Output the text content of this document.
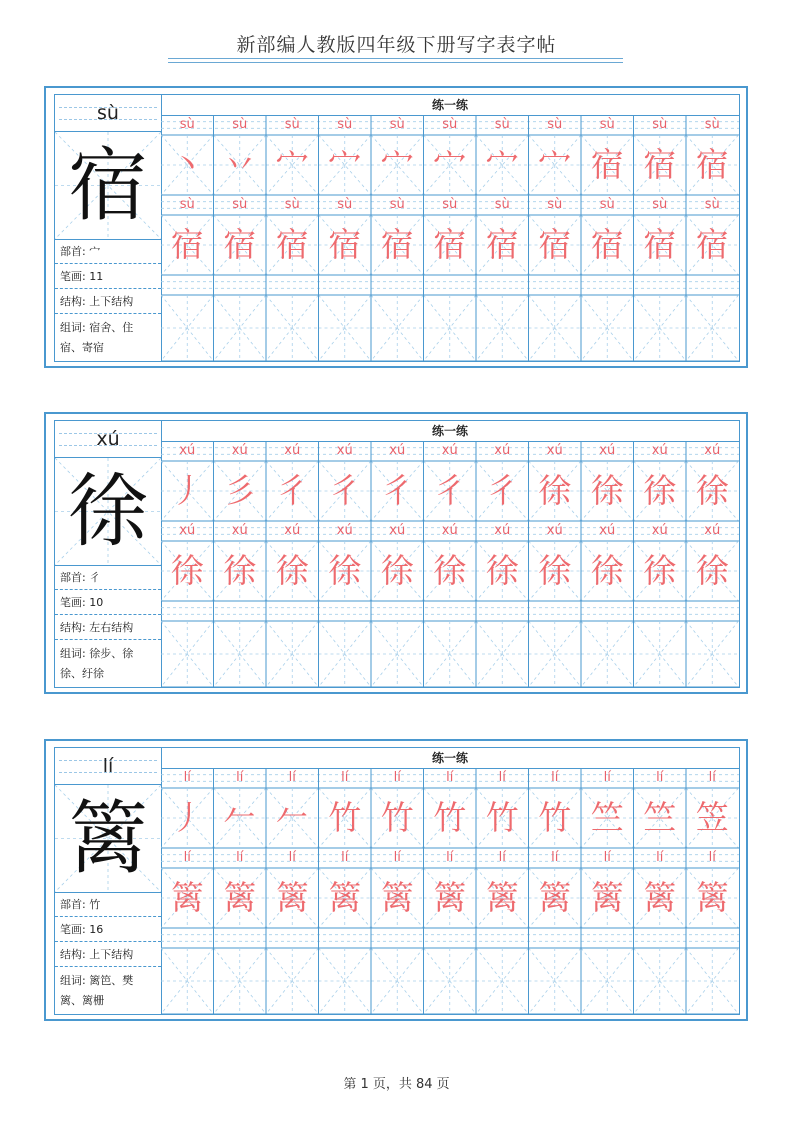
新部编人教版四年级下册写字表字帖
sù
宿
部首: 宀
笔画: 11
结构: 上下结构
组词: 宿舍、住
宿、寄宿
练一练
sù
丶
sù
丷
sù
宀
sù
宀
sù
宀
sù
宀
sù
宀
sù
宀
sù
宿
sù
宿
sù
宿
sù
宿
sù
宿
sù
宿
sù
宿
sù
宿
sù
宿
sù
宿
sù
宿
sù
宿
sù
宿
sù
宿
xú
徐
部首: 彳
笔画: 10
结构: 左右结构
组词: 徐步、徐
徐、纡徐
练一练
xú
丿
xú
彡
xú
彳
xú
彳
xú
彳
xú
彳
xú
彳
xú
徐
xú
徐
xú
徐
xú
徐
xú
徐
xú
徐
xú
徐
xú
徐
xú
徐
xú
徐
xú
徐
xú
徐
xú
徐
xú
徐
xú
徐
lí
篱
部首: 竹
笔画: 16
结构: 上下结构
组词: 篱笆、樊
篱、篱栅
练一练
lí
丿
lí
𠂉
lí
𠂉
lí
竹
lí
竹
lí
竹
lí
竹
lí
竹
lí
竺
lí
竺
lí
笠
lí
篱
lí
篱
lí
篱
lí
篱
lí
篱
lí
篱
lí
篱
lí
篱
lí
篱
lí
篱
lí
篱
第 1 页，共 84 页
